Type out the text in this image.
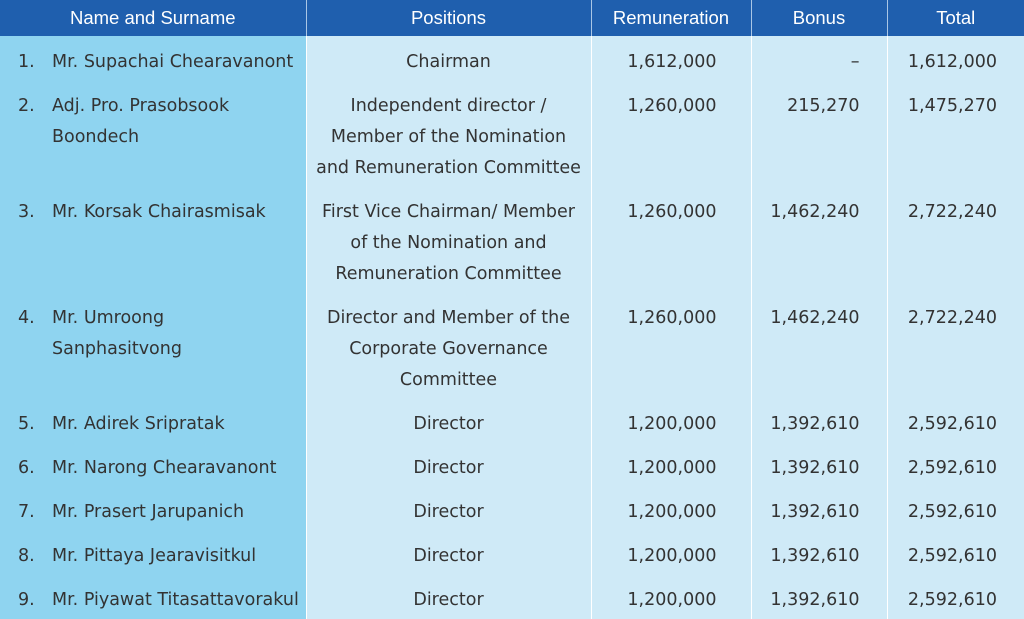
Name and Surname	Positions	Remuneration	Bonus	Total

1. Mr. Supachai Chearavanont	Chairman	1,612,000	–	1,612,000

2. Adj. Pro. Prasobsook Boondech	Independent director / Member of the Nomination and Remuneration Committee	1,260,000	215,270	1,475,270

3. Mr. Korsak Chairasmisak	First Vice Chairman/ Member of the Nomination and Remuneration Committee	1,260,000	1,462,240	2,722,240

4. Mr. Umroong Sanphasitvong	Director and Member of the Corporate Governance Committee	1,260,000	1,462,240	2,722,240

5. Mr. Adirek Sripratak	Director	1,200,000	1,392,610	2,592,610

6. Mr. Narong Chearavanont	Director	1,200,000	1,392,610	2,592,610

7. Mr. Prasert Jarupanich	Director	1,200,000	1,392,610	2,592,610

8. Mr. Pittaya Jearavisitkul	Director	1,200,000	1,392,610	2,592,610

9. Mr. Piyawat Titasattavorakul	Director	1,200,000	1,392,610	2,592,610
